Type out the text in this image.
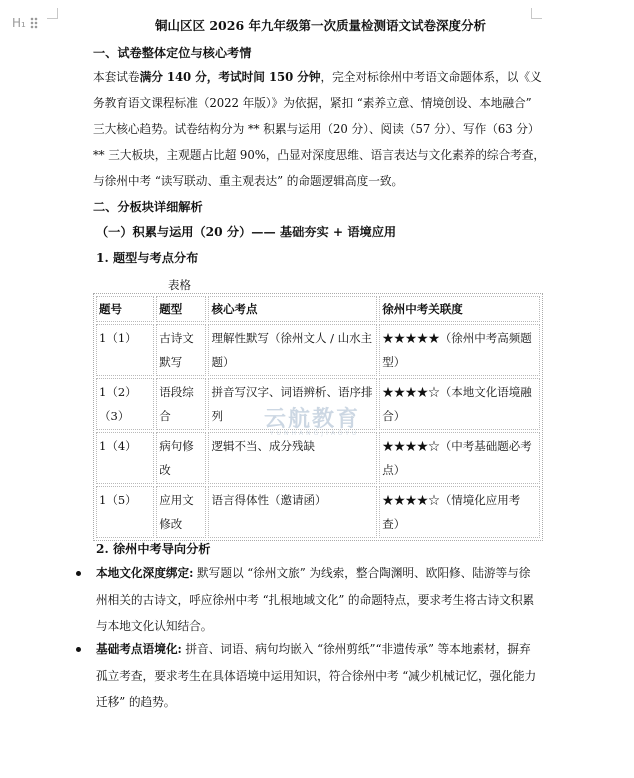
H₁	铜山区区 2026 年九年级第一次质量检测语文试卷深度分析
一、试卷整体定位与核心考情
本套试卷满分 140 分，考试时间 150 分钟，完全对标徐州中考语文命题体系，以《义
务教育语文课程标准（2022 年版）》为依据，紧扣 “素养立意、情境创设、本地融合”
三大核心趋势。试卷结构分为 ** 积累与运用（20 分）、阅读（57 分）、写作（63 分）
** 三大板块，主观题占比超 90%，凸显对深度思维、语言表达与文化素养的综合考查，
与徐州中考 “读写联动、重主观表达” 的命题逻辑高度一致。
二、分板块详细解析
（一）积累与运用（20 分）—— 基础夯实 + 语境应用
1. 题型与考点分布
表格
题号	题型	核心考点	徐州中考关联度
1（1）	古诗文默写	理解性默写（徐州文人 / 山水主题）	★★★★★（徐州中考高频题型）
1（2）（3）	语段综合	拼音写汉字、词语辨析、语序排列	★★★★☆（本地文化语境融合）
1（4）	病句修改	逻辑不当、成分残缺	★★★★☆（中考基础题必考点）
1（5）	应用文修改	语言得体性（邀请函）	★★★★☆（情境化应用考查）
云航教育
YUNHANGJIAOYU
2. 徐州中考导向分析
本地文化深度绑定: 默写题以 “徐州文旅” 为线索，整合陶渊明、欧阳修、陆游等与徐
州相关的古诗文，呼应徐州中考 “扎根地域文化” 的命题特点，要求考生将古诗文积累
与本地文化认知结合。
基础考点语境化: 拼音、词语、病句均嵌入 “徐州剪纸”“非遗传承” 等本地素材，摒弃
孤立考查，要求考生在具体语境中运用知识，符合徐州中考 “减少机械记忆，强化能力
迁移” 的趋势。
